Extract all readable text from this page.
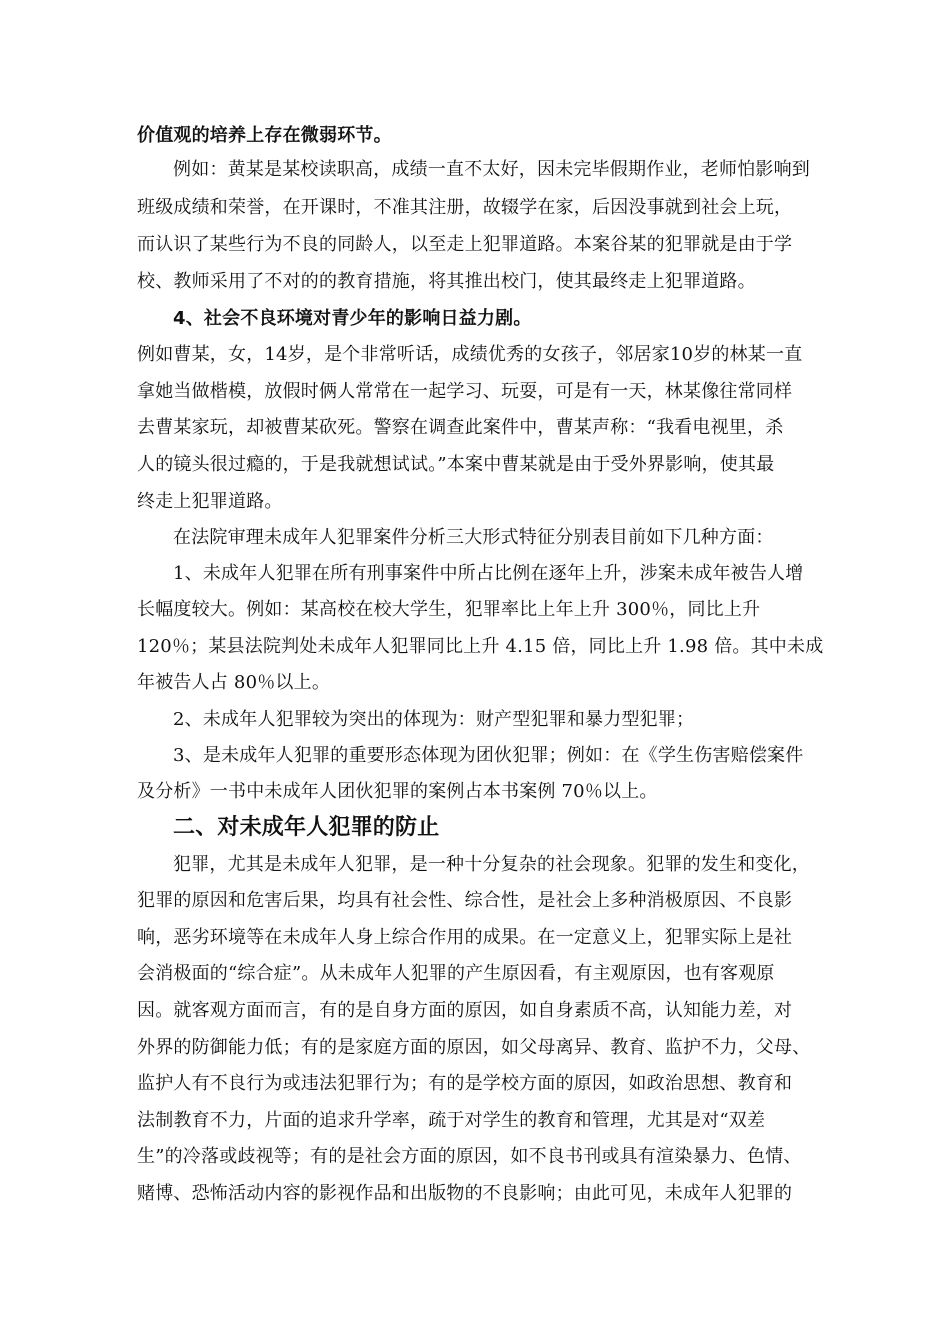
价值观的培养上存在微弱环节。
例如：黄某是某校读职高，成绩一直不太好，因未完毕假期作业，老师怕影响到
班级成绩和荣誉，在开课时，不准其注册，故辍学在家，后因没事就到社会上玩，
而认识了某些行为不良的同龄人，以至走上犯罪道路。本案谷某的犯罪就是由于学
校、教师采用了不对的的教育措施，将其推出校门，使其最终走上犯罪道路。
4、社会不良环境对青少年的影响日益力剧。
例如曹某，女，14岁，是个非常听话，成绩优秀的女孩子，邻居家10岁的林某一直
拿她当做楷模，放假时俩人常常在一起学习、玩耍，可是有一天，林某像往常同样
去曹某家玩，却被曹某砍死。警察在调查此案件中，曹某声称：“我看电视里，杀
人的镜头很过瘾的，于是我就想试试。”本案中曹某就是由于受外界影响，使其最
终走上犯罪道路。
在法院审理未成年人犯罪案件分析三大形式特征分别表目前如下几种方面：
1、未成年人犯罪在所有刑事案件中所占比例在逐年上升，涉案未成年被告人增
长幅度较大。例如：某高校在校大学生，犯罪率比上年上升 300％，同比上升
120％；某县法院判处未成年人犯罪同比上升 4.15 倍，同比上升 1.98 倍。其中未成
年被告人占 80％以上。
2、未成年人犯罪较为突出的体现为：财产型犯罪和暴力型犯罪；
3、是未成年人犯罪的重要形态体现为团伙犯罪；例如：在《学生伤害赔偿案件
及分析》一书中未成年人团伙犯罪的案例占本书案例 70％以上。
二、对未成年人犯罪的防止
犯罪，尤其是未成年人犯罪，是一种十分复杂的社会现象。犯罪的发生和变化，
犯罪的原因和危害后果，均具有社会性、综合性，是社会上多种消极原因、不良影
响，恶劣环境等在未成年人身上综合作用的成果。在一定意义上，犯罪实际上是社
会消极面的“综合症”。从未成年人犯罪的产生原因看，有主观原因，也有客观原
因。就客观方面而言，有的是自身方面的原因，如自身素质不高，认知能力差，对
外界的防御能力低；有的是家庭方面的原因，如父母离异、教育、监护不力，父母、
监护人有不良行为或违法犯罪行为；有的是学校方面的原因，如政治思想、教育和
法制教育不力，片面的追求升学率，疏于对学生的教育和管理，尤其是对“双差
生”的冷落或歧视等；有的是社会方面的原因，如不良书刊或具有渲染暴力、色情、
赌博、恐怖活动内容的影视作品和出版物的不良影响；由此可见，未成年人犯罪的
